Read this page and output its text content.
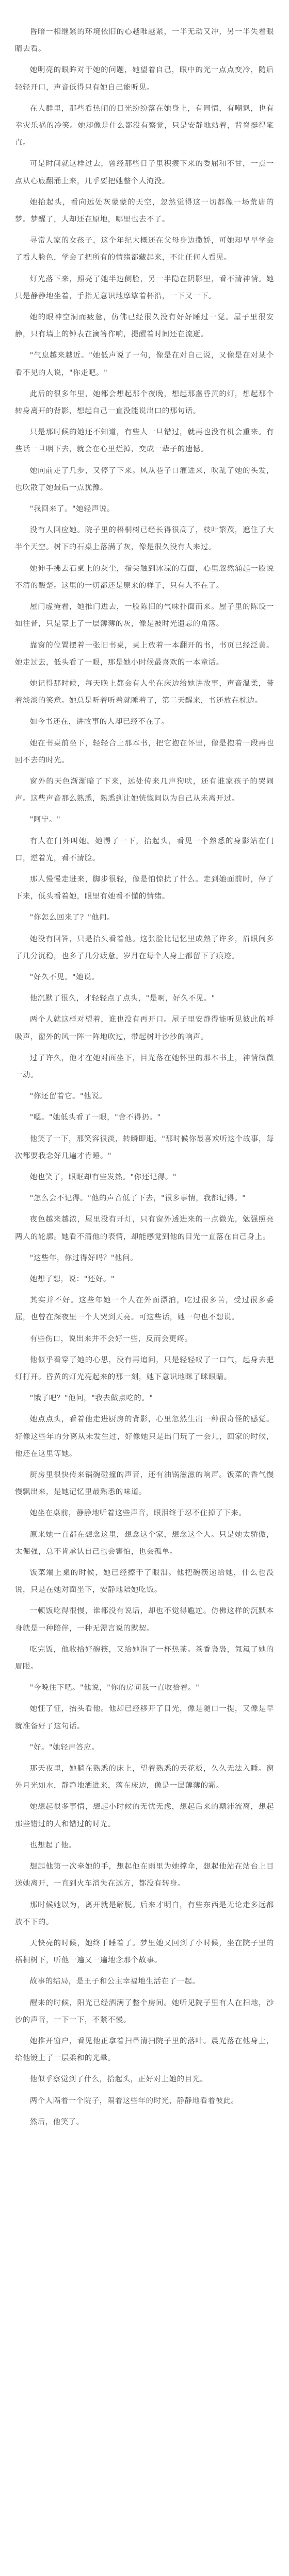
昏暗一相继紧的环境依旧的心越唯越紧，一半无动又冲，另一半失着眼睛去看。

她明亮的眼眸对于她的问题，她望着自己，眼中的光一点点变冷，随后轻轻开口，声音低得只有她自己能听见。

在人群里，那些看热闹的目光纷纷落在她身上，有同情，有嘲讽，也有幸灾乐祸的冷笑。她却像是什么都没有察觉，只是安静地站着，背脊挺得笔直。

可是时间就这样过去，曾经那些日子里积攒下来的委屈和不甘，一点一点从心底翻涌上来，几乎要把她整个人淹没。

她抬起头，看向远处灰蒙蒙的天空，忽然觉得这一切都像一场荒唐的梦。梦醒了，人却还在原地，哪里也去不了。

寻常人家的女孩子，这个年纪大概还在父母身边撒娇，可她却早早学会了看人脸色，学会了把所有的情绪都藏起来，不让任何人看见。

灯光落下来，照亮了她半边侧脸，另一半隐在阴影里，看不清神情。她只是静静地坐着，手指无意识地摩挲着杯沿，一下又一下。

她的眼神空洞而疲惫，仿佛已经很久没有好好睡过一觉。屋子里很安静，只有墙上的钟表在滴答作响，提醒着时间还在流逝。

"气息越来越近。"她低声说了一句，像是在对自己说，又像是在对某个看不见的人说，"你走吧。"

此后的很多年里，她都会想起那个夜晚，想起那盏昏黄的灯，想起那个转身离开的背影，想起自己一直没能说出口的那句话。

只是那时候的她还不知道，有些人一旦错过，就再也没有机会重来。有些话一旦咽下去，就会在心里烂掉，变成一辈子的遗憾。

她向前走了几步，又停了下来。风从巷子口灌进来，吹乱了她的头发，也吹散了她最后一点犹豫。

"我回来了。"她轻声说。

没有人回应她。院子里的梧桐树已经长得很高了，枝叶繁茂，遮住了大半个天空。树下的石桌上落满了灰，像是很久没有人来过。

她伸手拂去石桌上的灰尘，指尖触到冰凉的石面，心里忽然涌起一股说不清的酸楚。这里的一切都还是原来的样子，只有人不在了。

屋门虚掩着，她推门进去，一股陈旧的气味扑面而来。屋子里的陈设一如往昔，只是蒙上了一层薄薄的灰，像是被时光遗忘的角落。

靠窗的位置摆着一张旧书桌，桌上放着一本翻开的书，书页已经泛黄。她走过去，低头看了一眼，那是她小时候最喜欢的一本童话。

她记得那时候，每天晚上都会有人坐在床边给她讲故事，声音温柔，带着淡淡的笑意。她总是听着听着就睡着了，第二天醒来，书还放在枕边。

如今书还在，讲故事的人却已经不在了。

她在书桌前坐下，轻轻合上那本书，把它抱在怀里，像是抱着一段再也回不去的时光。

窗外的天色渐渐暗了下来，远处传来几声狗吠，还有谁家孩子的哭闹声。这些声音那么熟悉，熟悉到让她恍惚间以为自己从未离开过。

"阿宁。"

有人在门外叫她。她愣了一下，抬起头，看见一个熟悉的身影站在门口，逆着光，看不清脸。

那人慢慢走进来，脚步很轻，像是怕惊扰了什么。走到她面前时，停了下来，低头看着她，眼里有她看不懂的情绪。

"你怎么回来了？"他问。

她没有回答，只是抬头看着他。这张脸比记忆里成熟了许多，眉眼间多了几分沉稳，也多了几分疲惫。岁月在每个人身上都留下了痕迹。

"好久不见。"她说。

他沉默了很久，才轻轻点了点头，"是啊，好久不见。"

两个人就这样对望着，谁也没有再开口。屋子里安静得能听见彼此的呼吸声，窗外的风一阵一阵地吹过，带起树叶沙沙的响声。

过了许久，他才在她对面坐下，目光落在她怀里的那本书上，神情微微一动。

"你还留着它。"他说。

"嗯。"她低头看了一眼，"舍不得扔。"

他笑了一下，那笑容很淡，转瞬即逝。"那时候你最喜欢听这个故事，每次都要我念好几遍才肯睡。"

她也笑了，眼眶却有些发热。"你还记得。"

"怎么会不记得。"他的声音低了下去，"很多事情，我都记得。"

夜色越来越浓，屋里没有开灯，只有窗外透进来的一点微光，勉强照亮两人的轮廓。她看不清他的表情，却能感觉到他的目光一直落在自己身上。

"这些年，你过得好吗？"他问。

她想了想，说："还好。"

其实并不好。这些年她一个人在外面漂泊，吃过很多苦，受过很多委屈，也曾在深夜里一个人哭到天亮。可这些话，她一句也不想说。

有些伤口，说出来并不会好一些，反而会更疼。

他似乎看穿了她的心思，没有再追问，只是轻轻叹了一口气，起身去把灯打开。昏黄的灯光亮起来的那一刻，她下意识地眯了眯眼睛。

"饿了吧？"他问，"我去做点吃的。"

她点点头，看着他走进厨房的背影，心里忽然生出一种很奇怪的感觉。好像这些年的分离从未发生过，好像她只是出门玩了一会儿，回家的时候，他还在这里等她。

厨房里很快传来锅碗碰撞的声音，还有油锅滋滋的响声。饭菜的香气慢慢飘出来，是她记忆里最熟悉的味道。

她坐在桌前，静静地听着这些声音，眼泪终于忍不住掉了下来。

原来她一直都在想念这里，想念这个家，想念这个人。只是她太骄傲，太倔强，总不肯承认自己也会害怕，也会孤单。

饭菜端上桌的时候，她已经擦干了眼泪。他把碗筷递给她，什么也没说，只是在她对面坐下，安静地陪她吃饭。

一顿饭吃得很慢，谁都没有说话，却也不觉得尴尬。仿佛这样的沉默本身就是一种陪伴，一种无需言说的默契。

吃完饭，他收拾好碗筷，又给她泡了一杯热茶。茶香袅袅，氤氲了她的眉眼。

"今晚住下吧。"他说，"你的房间我一直收拾着。"

她怔了怔，抬头看他。他却已经移开了目光，像是随口一提，又像是早就准备好了这句话。

"好。"她轻声答应。

那天夜里，她躺在熟悉的床上，望着熟悉的天花板，久久无法入睡。窗外月光如水，静静地洒进来，落在床边，像是一层薄薄的霜。

她想起很多事情，想起小时候的无忧无虑，想起后来的颠沛流离，想起那些错过的人和错过的时光。

也想起了他。

想起他第一次牵她的手，想起他在雨里为她撑伞，想起他站在站台上目送她离开，一直到火车消失在远方，都没有转身。

那时候她以为，离开就是解脱。后来才明白，有些东西是无论走多远都放不下的。

天快亮的时候，她终于睡着了。梦里她又回到了小时候，坐在院子里的梧桐树下，听他一遍又一遍地念那个故事。

故事的结局，是王子和公主幸福地生活在了一起。

醒来的时候，阳光已经洒满了整个房间。她听见院子里有人在扫地，沙沙的声音，一下一下，不紧不慢。

她推开窗户，看见他正拿着扫帚清扫院子里的落叶。晨光落在他身上，给他镀上了一层柔和的光晕。

他似乎察觉到了什么，抬起头，正好对上她的目光。

两个人隔着一个院子，隔着这些年的时光，静静地看着彼此。

然后，他笑了。
